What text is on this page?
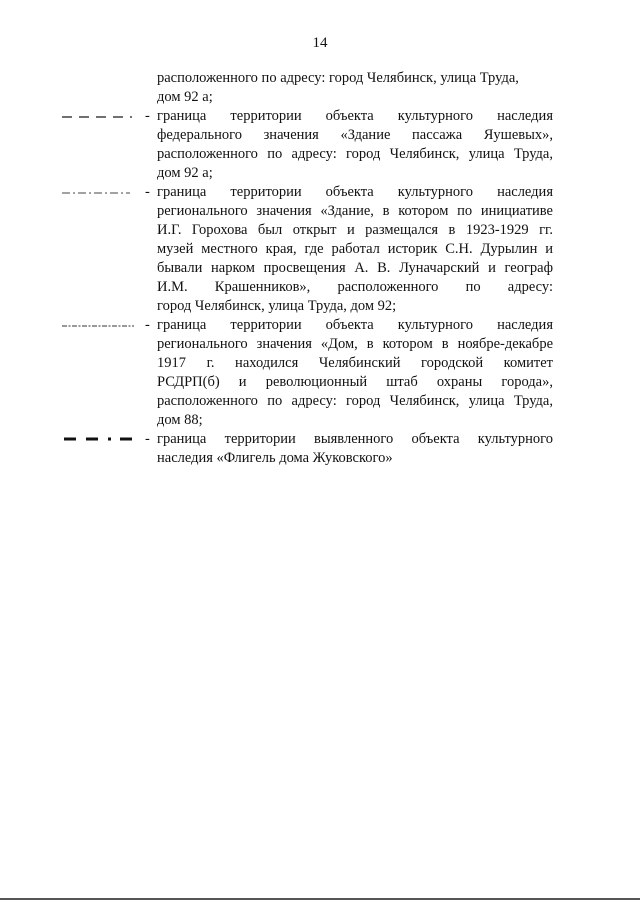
14
расположенного по адресу: город Челябинск, улица Труда,
дом 92 а;
- граница территории объекта культурного наследия
федерального значения «Здание пассажа Яушевых»,
расположенного по адресу: город Челябинск, улица Труда,
дом 92 а;
- граница территории объекта культурного наследия
регионального значения «Здание, в котором по инициативе
И.Г. Горохова был открыт и размещался в 1923-1929 гг.
музей местного края, где работал историк С.Н. Дурылин и
бывали нарком просвещения А. В. Луначарский и географ
И.М. Крашенников», расположенного по адресу:
город Челябинск, улица Труда, дом 92;
- граница территории объекта культурного наследия
регионального значения «Дом, в котором в ноябре-декабре
1917 г. находился Челябинский городской комитет
РСДРП(б) и революционный штаб охраны города»,
расположенного по адресу: город Челябинск, улица Труда,
дом 88;
- граница территории выявленного объекта культурного
наследия «Флигель дома Жуковского»
